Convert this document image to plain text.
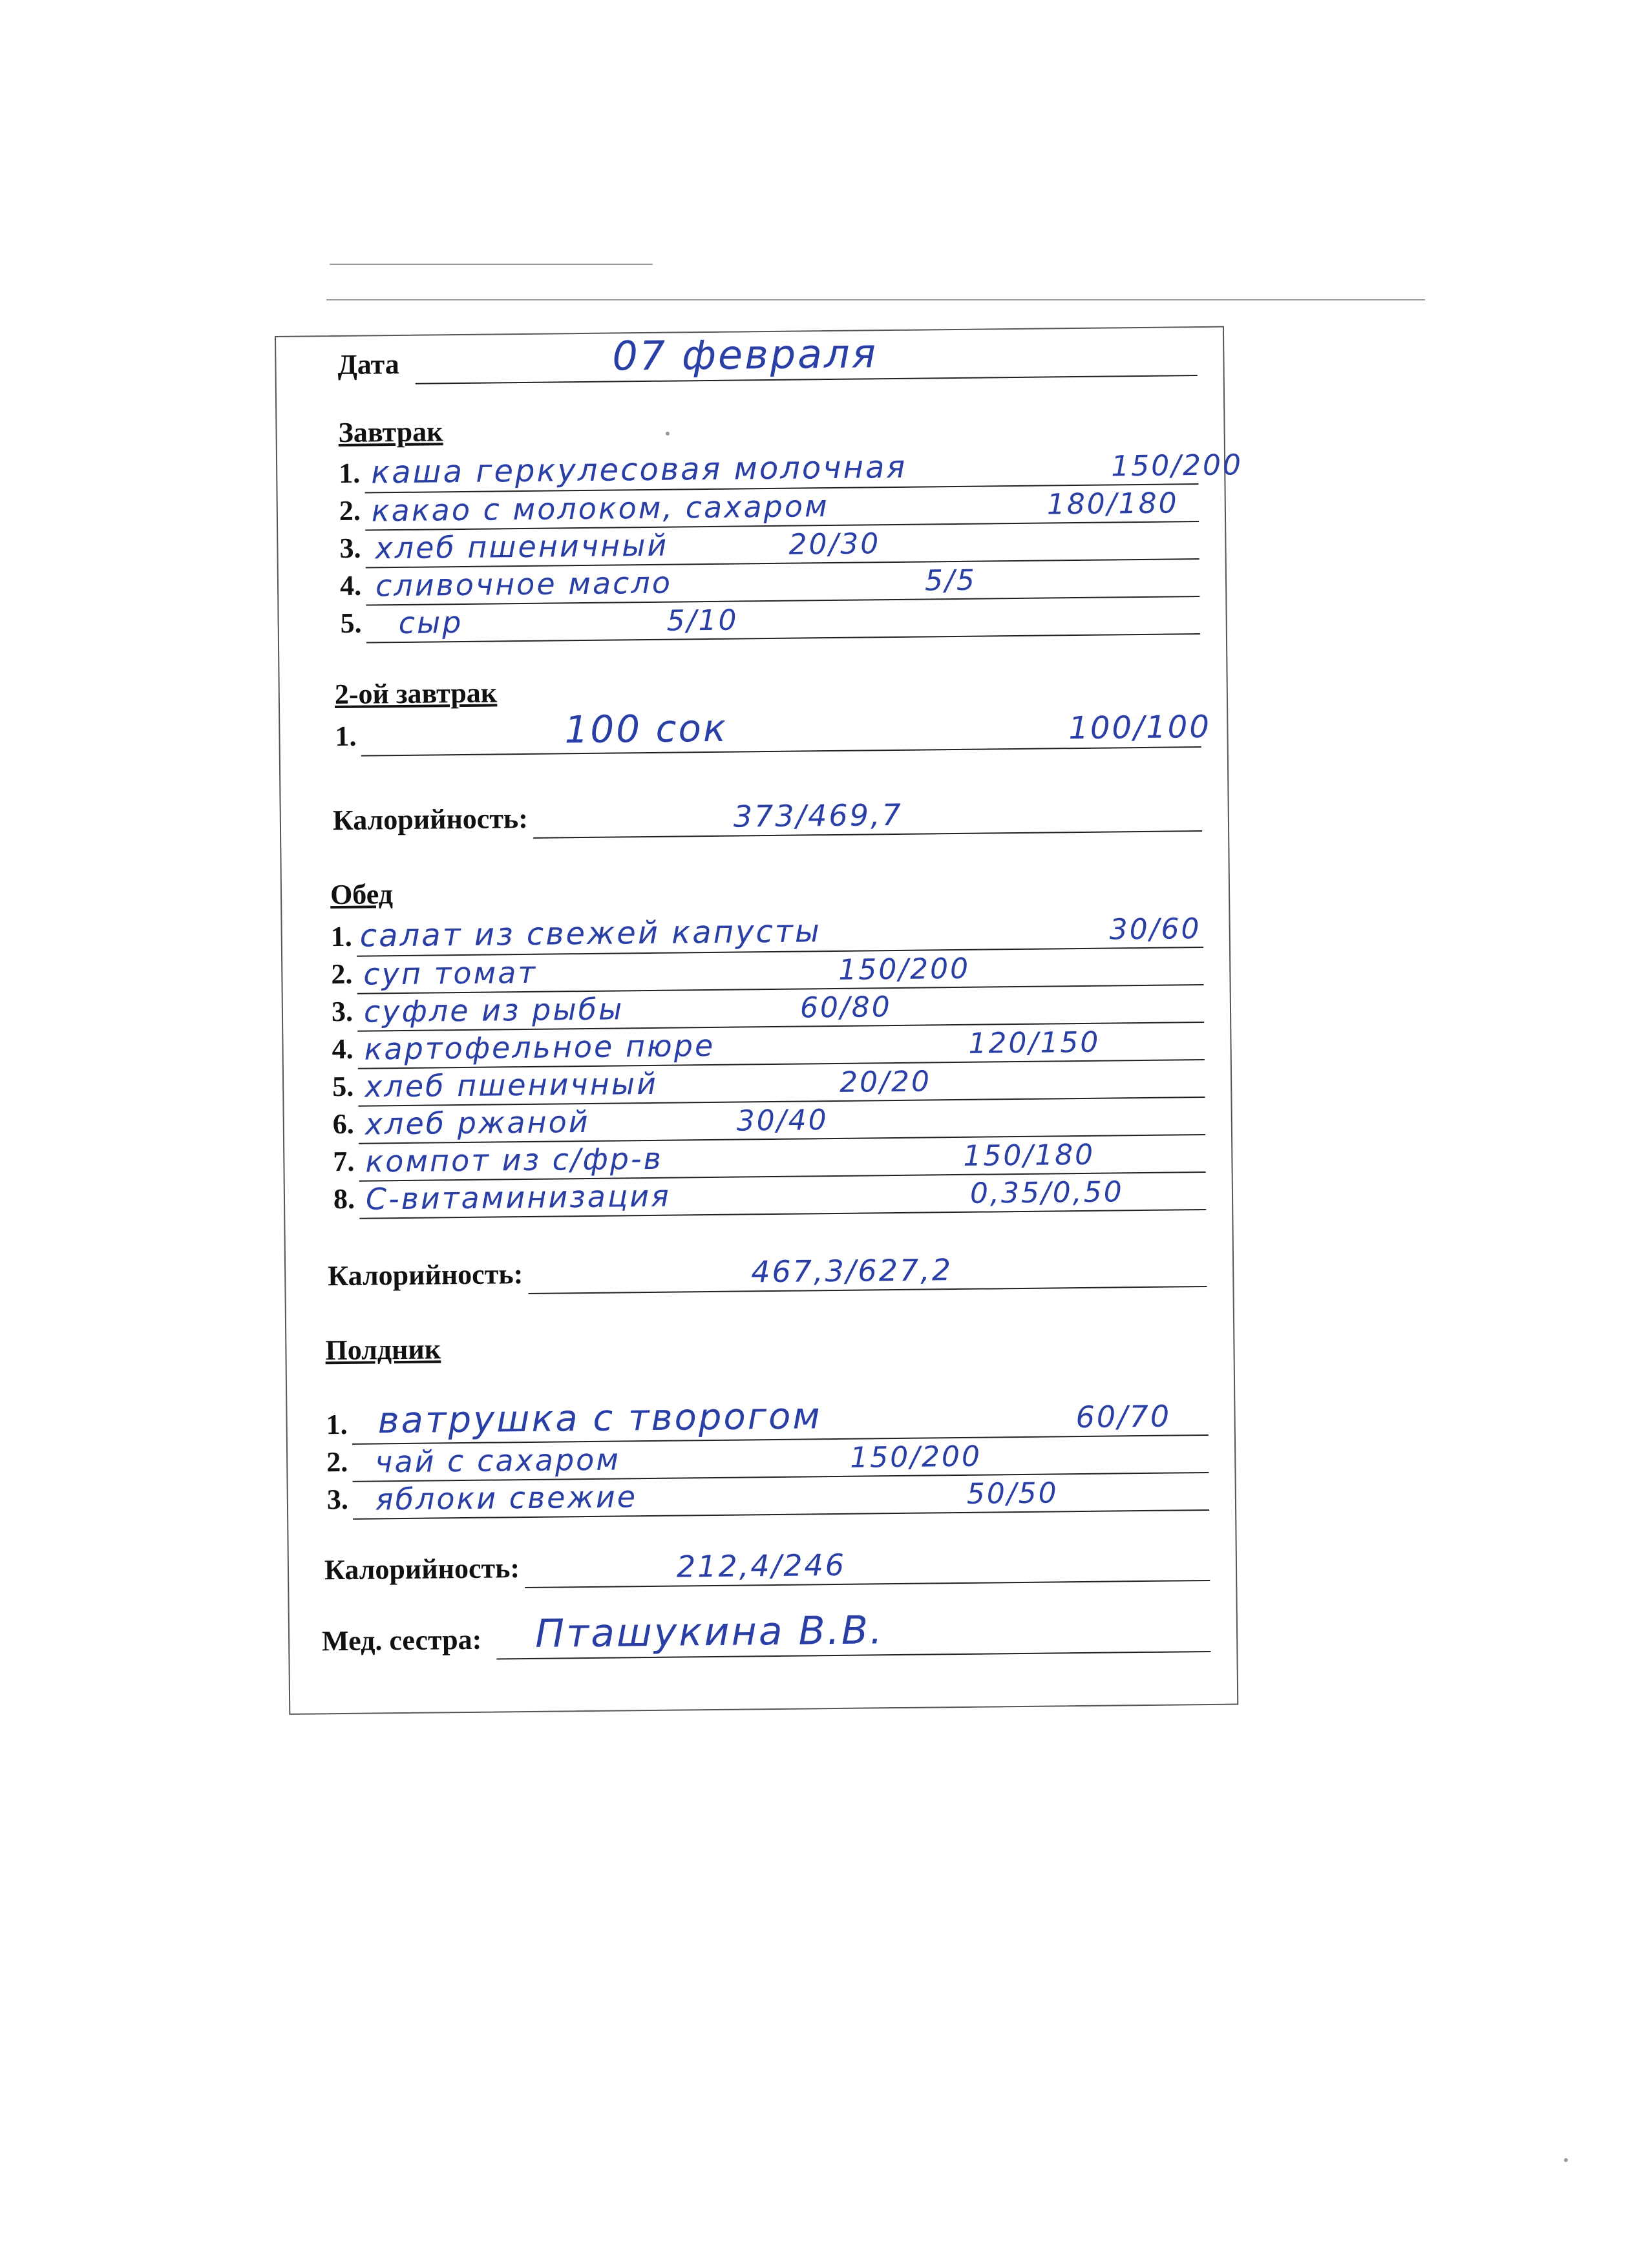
Дата	07 февраля
Завтрак
1. каша геркулесовая молочная	150/200
2. какао с молоком, сахаром	180/180
3. хлеб пшеничный	20/30
4. сливочное масло	5/5
5. сыр	5/10
2-ой завтрак
1.	100 сок	100/100
Калорийность:	373/469,7
Обед
1. салат из свежей капусты	30/60
2. суп томат	150/200
3. суфле из рыбы	60/80
4. картофельное пюре	120/150
5. хлеб пшеничный	20/20
6. хлеб ржаной	30/40
7. компот из с/фр-в	150/180
8. С-витаминизация	0,35/0,50
Калорийность:	467,3/627,2
Полдник
1. ватрушка с творогом	60/70
2. чай с сахаром	150/200
3. яблоки свежие	50/50
Калорийность:	212,4/246
Мед. сестра: Пташукина В.В.
